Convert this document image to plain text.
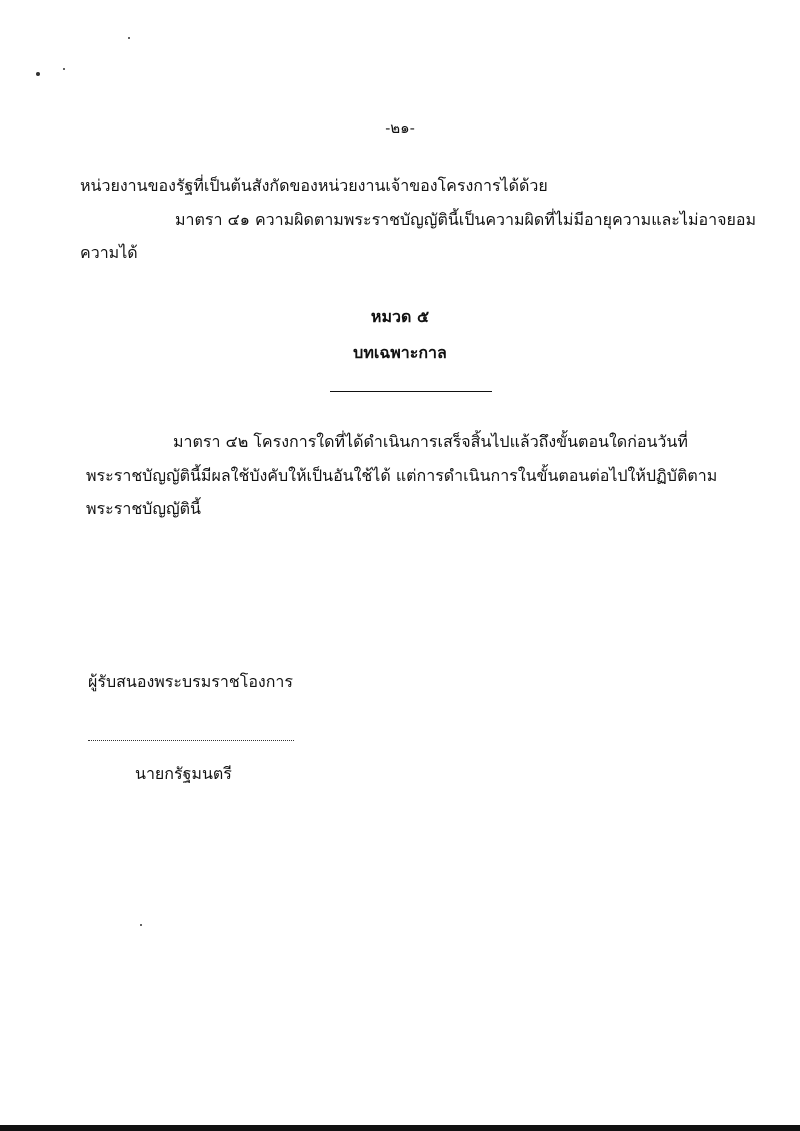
-๒๑-
หน่วยงานของรัฐที่เป็นต้นสังกัดของหน่วยงานเจ้าของโครงการได้ด้วย
มาตรา ๔๑ ความผิดตามพระราชบัญญัตินี้เป็นความผิดที่ไม่มีอายุความและไม่อาจยอม
ความได้
หมวด ๕
บทเฉพาะกาล
มาตรา ๔๒ โครงการใดที่ได้ดำเนินการเสร็จสิ้นไปแล้วถึงขั้นตอนใดก่อนวันที่
พระราชบัญญัตินี้มีผลใช้บังคับให้เป็นอันใช้ได้ แต่การดำเนินการในขั้นตอนต่อไปให้ปฏิบัติตาม
พระราชบัญญัตินี้
ผู้รับสนองพระบรมราชโองการ
นายกรัฐมนตรี
